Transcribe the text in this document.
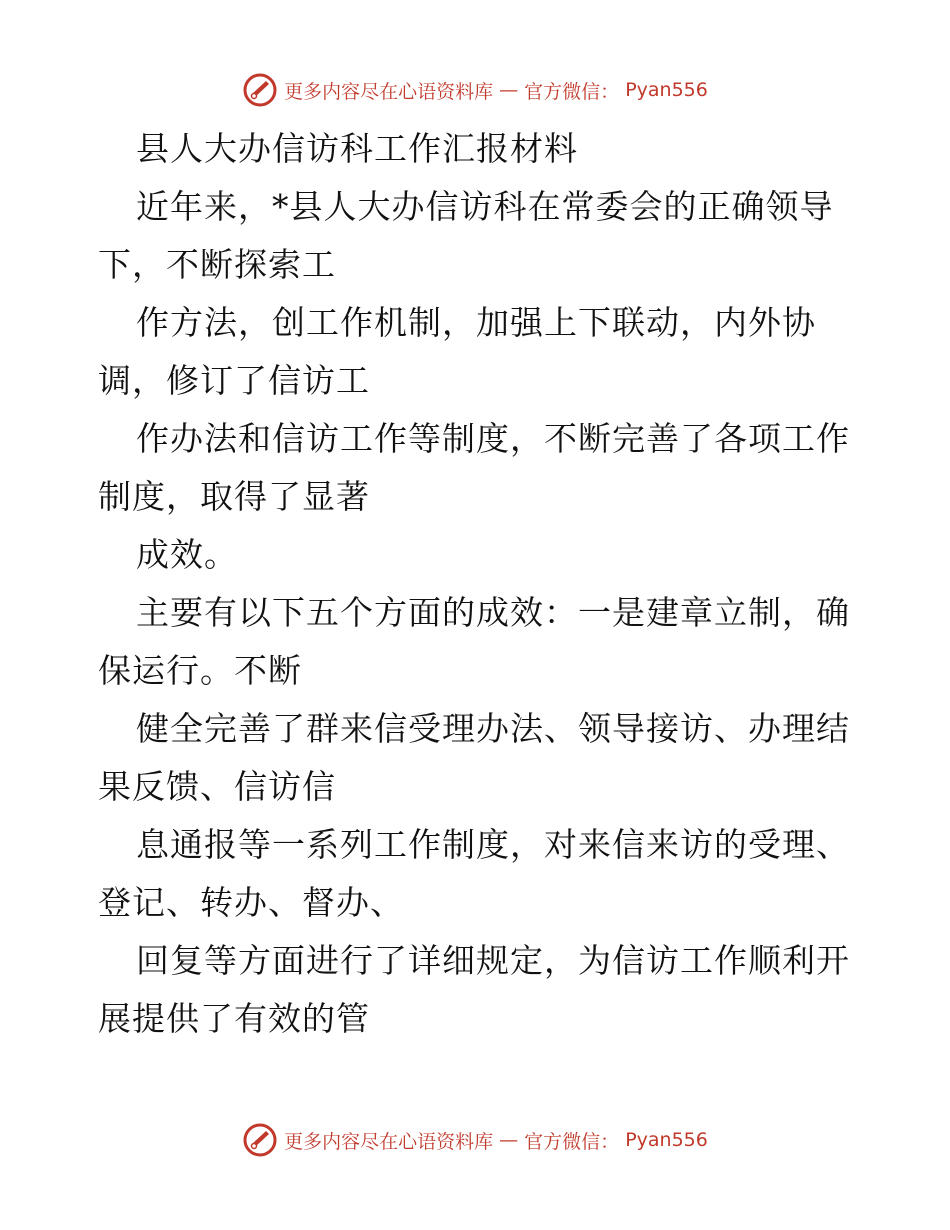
更多内容尽在心语资料库 — 官方微信： Pyan556
县人大办信访科工作汇报材料
近年来，*县人大办信访科在常委会的正确领导
下，不断探索工
作方法，创工作机制，加强上下联动，内外协
调，修订了信访工
作办法和信访工作等制度，不断完善了各项工作
制度，取得了显著
成效。
主要有以下五个方面的成效：一是建章立制，确
保运行。不断
健全完善了群来信受理办法、领导接访、办理结
果反馈、信访信
息通报等一系列工作制度，对来信来访的受理、
登记、转办、督办、
回复等方面进行了详细规定，为信访工作顺利开
展提供了有效的管
更多内容尽在心语资料库 — 官方微信： Pyan556
